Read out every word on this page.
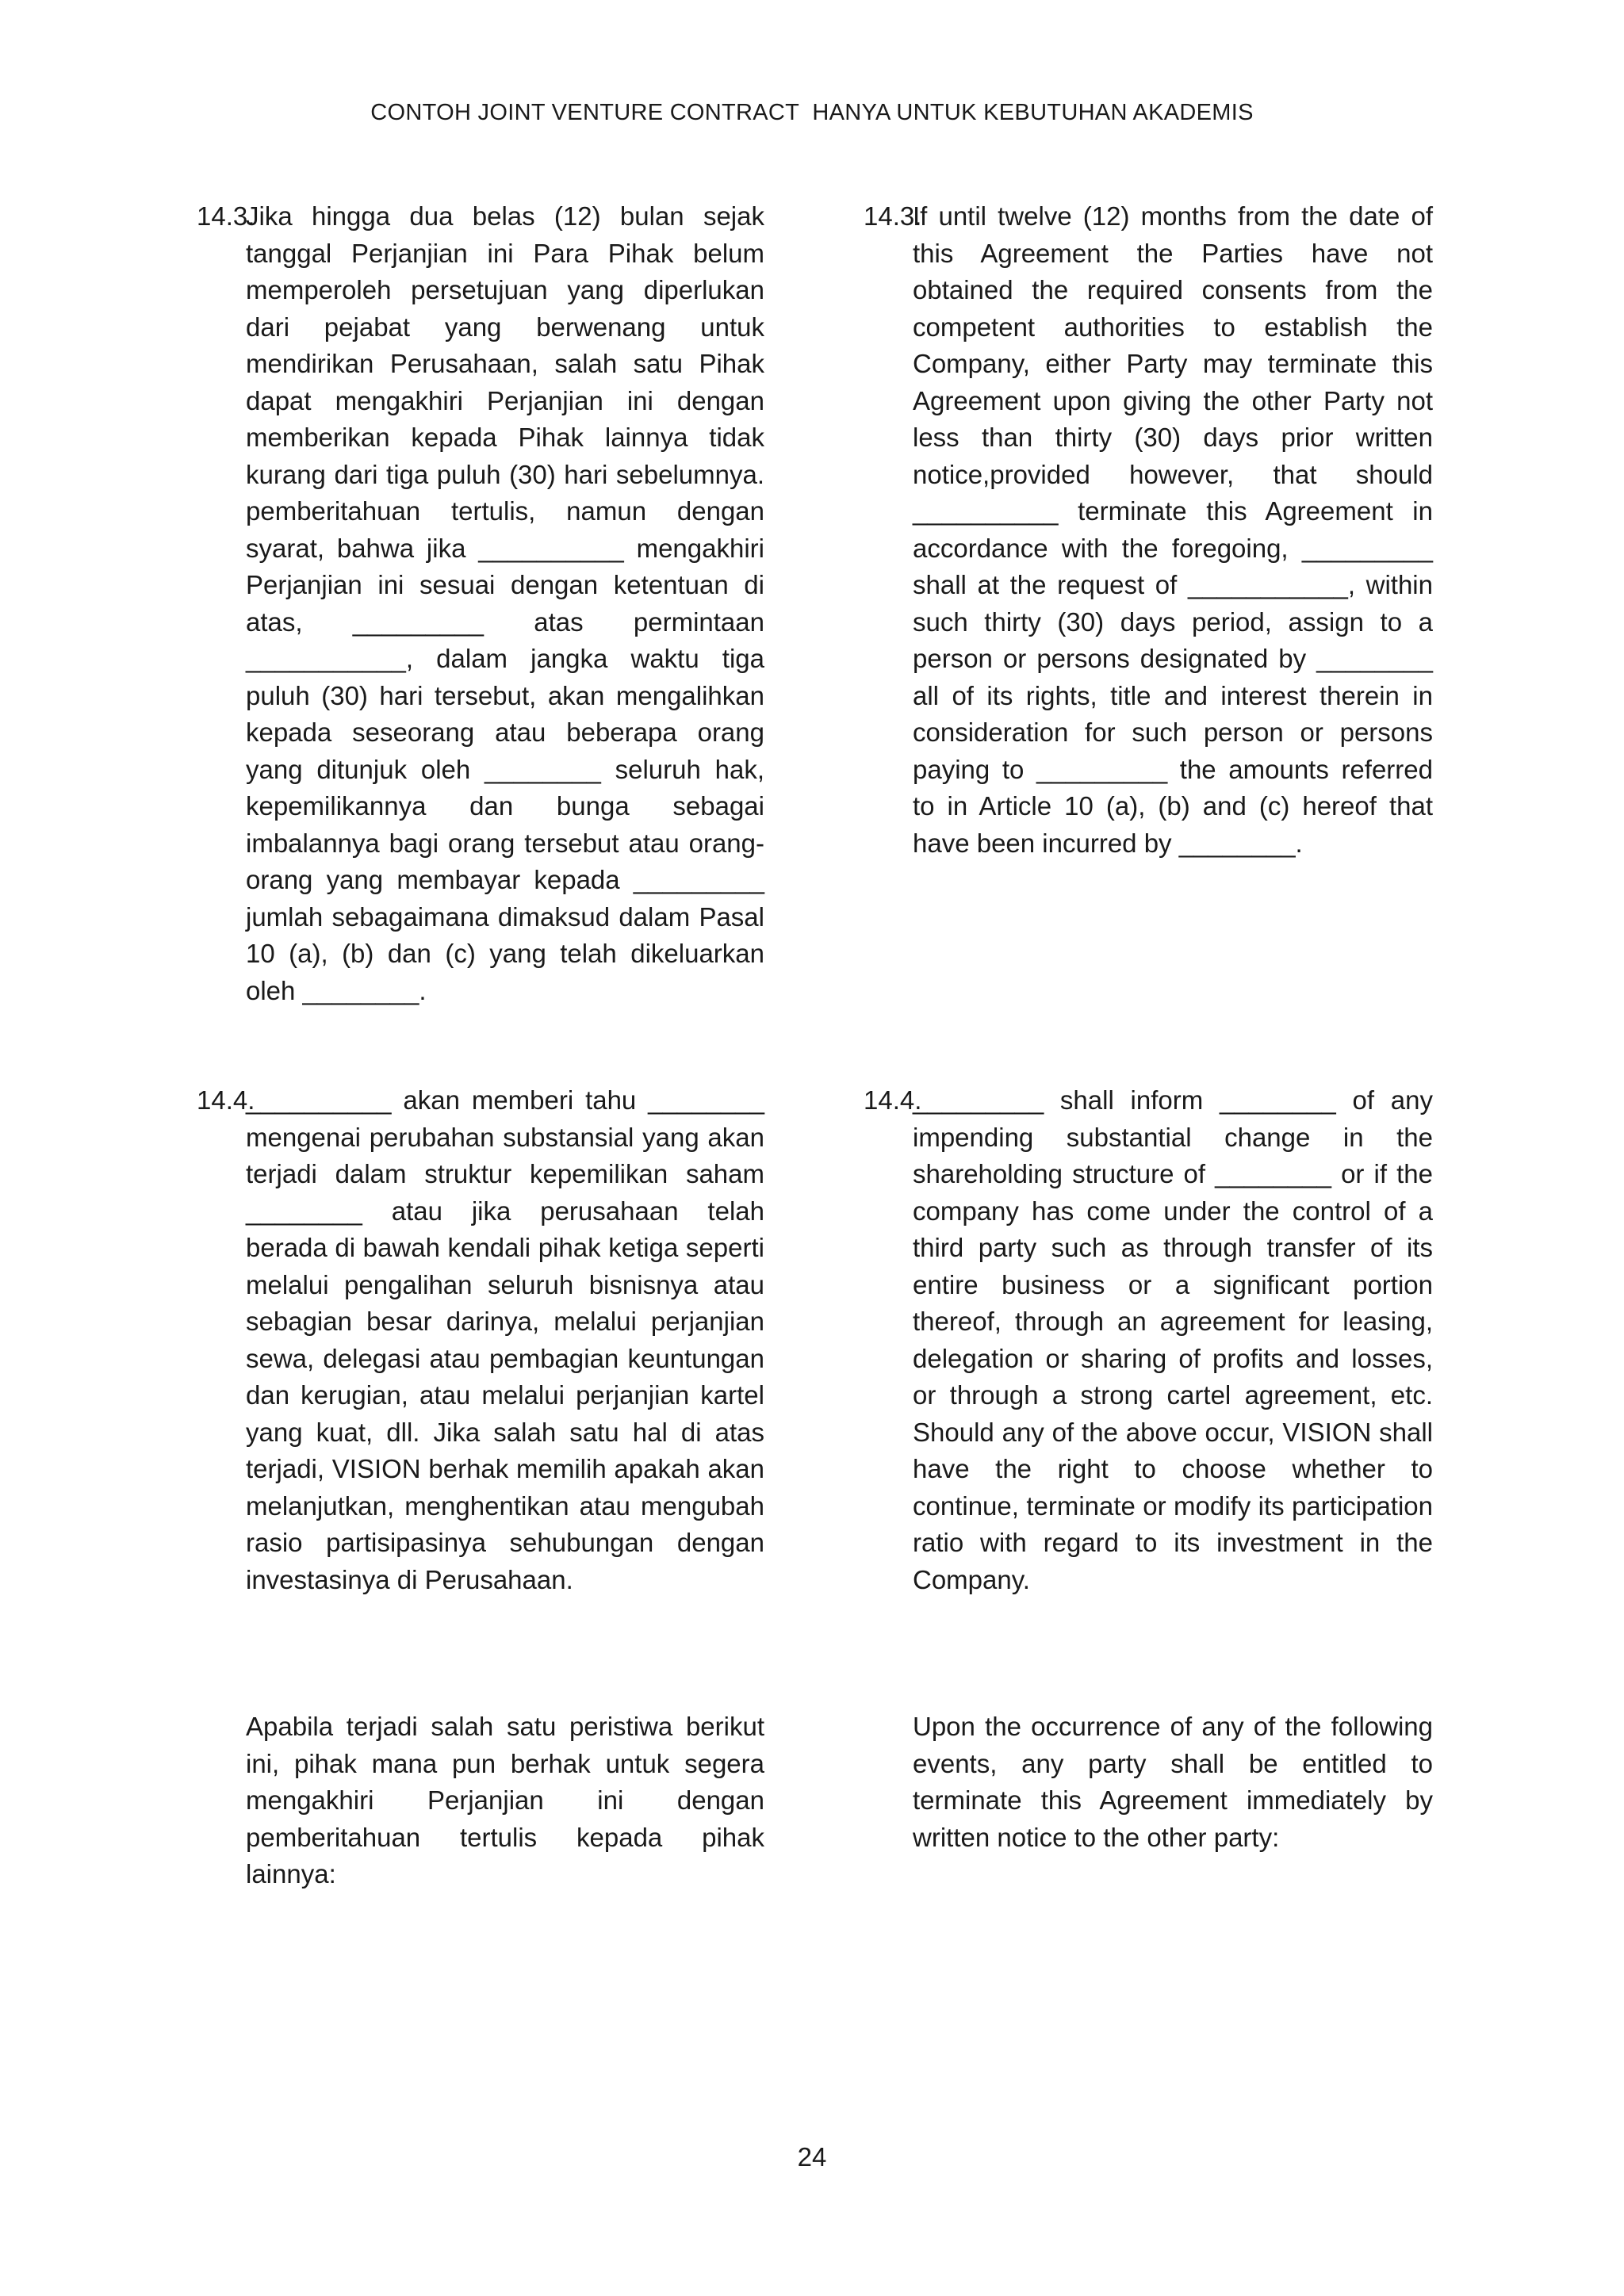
CONTOH JOINT VENTURE CONTRACT  HANYA UNTUK KEBUTUHAN AKADEMIS
14.3.
Jika hingga dua belas (12) bulan sejak tanggal Perjanjian ini Para Pihak belum memperoleh persetujuan yang diperlukan dari pejabat yang berwenang untuk mendirikan Perusahaan, salah satu Pihak dapat mengakhiri Perjanjian ini dengan memberikan kepada Pihak lainnya tidak kurang dari tiga puluh (30) hari sebelumnya. pemberitahuan tertulis, namun dengan syarat, bahwa jika __________ mengakhiri Perjanjian ini sesuai dengan ketentuan di atas, _________ atas permintaan ___________, dalam jangka waktu tiga puluh (30) hari tersebut, akan mengalihkan kepada seseorang atau beberapa orang yang ditunjuk oleh ________ seluruh hak, kepemilikannya dan bunga sebagai imbalannya bagi orang tersebut atau orang-orang yang membayar kepada _________ jumlah sebagaimana dimaksud dalam Pasal 10 (a), (b) dan (c) yang telah dikeluarkan oleh ________.
14.3.
If until twelve (12) months from the date of this Agreement the Parties have not obtained the required consents from the competent authorities to establish the Company, either Party may terminate this Agreement upon giving the other Party not less than thirty (30) days prior written notice,provided however, that should __________ terminate this Agreement in accordance with the foregoing, _________ shall at the request of ___________, within such thirty (30) days period, assign to a person or persons designated by ________ all of its rights, title and interest therein in consideration for such person or persons paying to _________ the amounts referred to in Article 10 (a), (b) and (c) hereof that have been incurred by ________.
14.4.
__________ akan memberi tahu ________ mengenai perubahan substansial yang akan terjadi dalam struktur kepemilikan saham ________ atau jika perusahaan telah berada di bawah kendali pihak ketiga seperti melalui pengalihan seluruh bisnisnya atau sebagian besar darinya, melalui perjanjian sewa, delegasi atau pembagian keuntungan dan kerugian, atau melalui perjanjian kartel yang kuat, dll. Jika salah satu hal di atas terjadi, VISION berhak memilih apakah akan melanjutkan, menghentikan atau mengubah rasio partisipasinya sehubungan dengan investasinya di Perusahaan.
14.4.
_________ shall inform ________ of any impending substantial change in the shareholding structure of ________ or if the company has come under the control of a third party such as through transfer of its entire business or a significant portion thereof, through an agreement for leasing, delegation or sharing of profits and losses, or through a strong cartel agreement, etc. Should any of the above occur, VISION shall have the right to choose whether to continue, terminate or modify its participation ratio with regard to its investment in the Company.
Apabila terjadi salah satu peristiwa berikut ini, pihak mana pun berhak untuk segera mengakhiri Perjanjian ini dengan pemberitahuan tertulis kepada pihak lainnya:
Upon the occurrence of any of the following events, any party shall be entitled to terminate this Agreement immediately by written notice to the other party:
24
